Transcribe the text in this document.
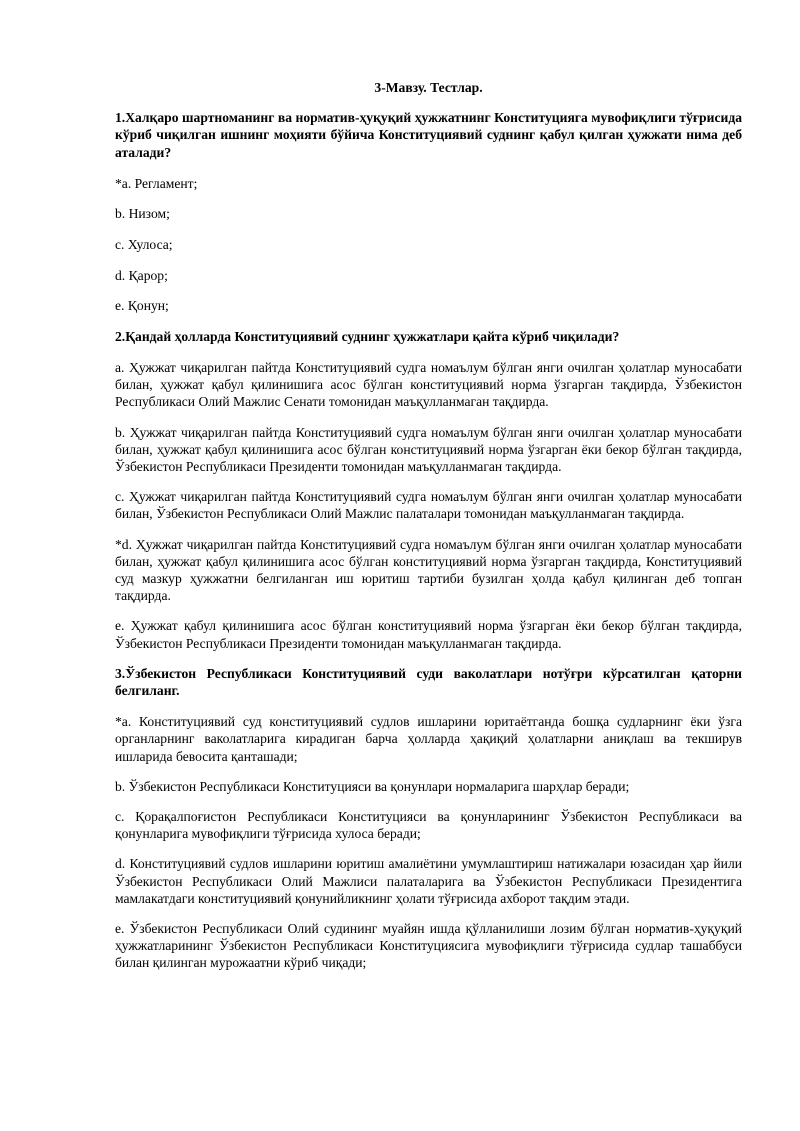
3-Мавзу. Тестлар.
1.Халқаро шартноманинг ва норматив-ҳуқуқий ҳужжатнинг Конституцияга мувофиқлиги тўғрисида кўриб чиқилган ишнинг моҳияти бўйича Конституциявий суднинг қабул қилган ҳужжати нима деб аталади?
*а. Регламент;
b. Низом;
c. Хулоса;
d. Қарор;
e. Қонун;
2.Қандай ҳолларда Конституциявий суднинг ҳужжатлари қайта кўриб чиқилади?
a. Ҳужжат чиқарилган пайтда Конституциявий судга номаълум бўлган янги очилган ҳолатлар муносабати билан, ҳужжат қабул қилинишига асос бўлган конституциявий норма ўзгарган тақдирда, Ўзбекистон Республикаси Олий Мажлис Сенати томонидан маъқулланмаган тақдирда.
b. Ҳужжат чиқарилган пайтда Конституциявий судга номаълум бўлган янги очилган ҳолатлар муносабати билан, ҳужжат қабул қилинишига асос бўлган конституциявий норма ўзгарган ёки бекор бўлган тақдирда, Ўзбекистон Республикаси Президенти томонидан маъқулланмаган тақдирда.
c. Ҳужжат чиқарилган пайтда Конституциявий судга номаълум бўлган янги очилган ҳолатлар муносабати билан, Ўзбекистон Республикаси Олий Мажлис палаталари томонидан маъқулланмаган тақдирда.
*d. Ҳужжат чиқарилган пайтда Конституциявий судга номаълум бўлган янги очилган ҳолатлар муносабати билан, ҳужжат қабул қилинишига асос бўлган конституциявий норма ўзгарган тақдирда, Конституциявий суд мазкур ҳужжатни белгиланган иш юритиш тартиби бузилган ҳолда қабул қилинган деб топган тақдирда.
e. Ҳужжат қабул қилинишига асос бўлган конституциявий норма ўзгарган ёки бекор бўлган тақдирда, Ўзбекистон Республикаси Президенти томонидан маъқулланмаган тақдирда.
3.Ўзбекистон Республикаси Конституциявий суди ваколатлари нотўғри кўрсатилган қаторни белгиланг.
*a. Конституциявий суд конституциявий судлов ишларини юритаётганда бошқа судларнинг ёки ўзга органларнинг ваколатларига кирадиган барча ҳолларда ҳақиқий ҳолатларни аниқлаш ва текширув ишларида бевосита қанташади;
b. Ўзбекистон Республикаси Конституцияси ва қонунлари нормаларига шарҳлар беради;
c. Қорақалпоғистон Республикаси Конституцияси ва қонунларининг Ўзбекистон Республикаси ва қонунларига мувофиқлиги тўғрисида хулоса беради;
d. Конституциявий судлов ишларини юритиш амалиётини умумлаштириш натижалари юзасидан ҳар йили Ўзбекистон Республикаси Олий Мажлиси палаталарига ва Ўзбекистон Республикаси Президентига мамлакатдаги конституциявий қонунийликнинг ҳолати тўғрисида ахборот тақдим этади.
e. Ўзбекистон Республикаси Олий судининг муайян ишда қўлланилиши лозим бўлган норматив-ҳуқуқий ҳужжатларининг Ўзбекистон Республикаси Конституциясига мувофиқлиги тўғрисида судлар ташаббуси билан қилинган мурожаатни кўриб чиқади;
